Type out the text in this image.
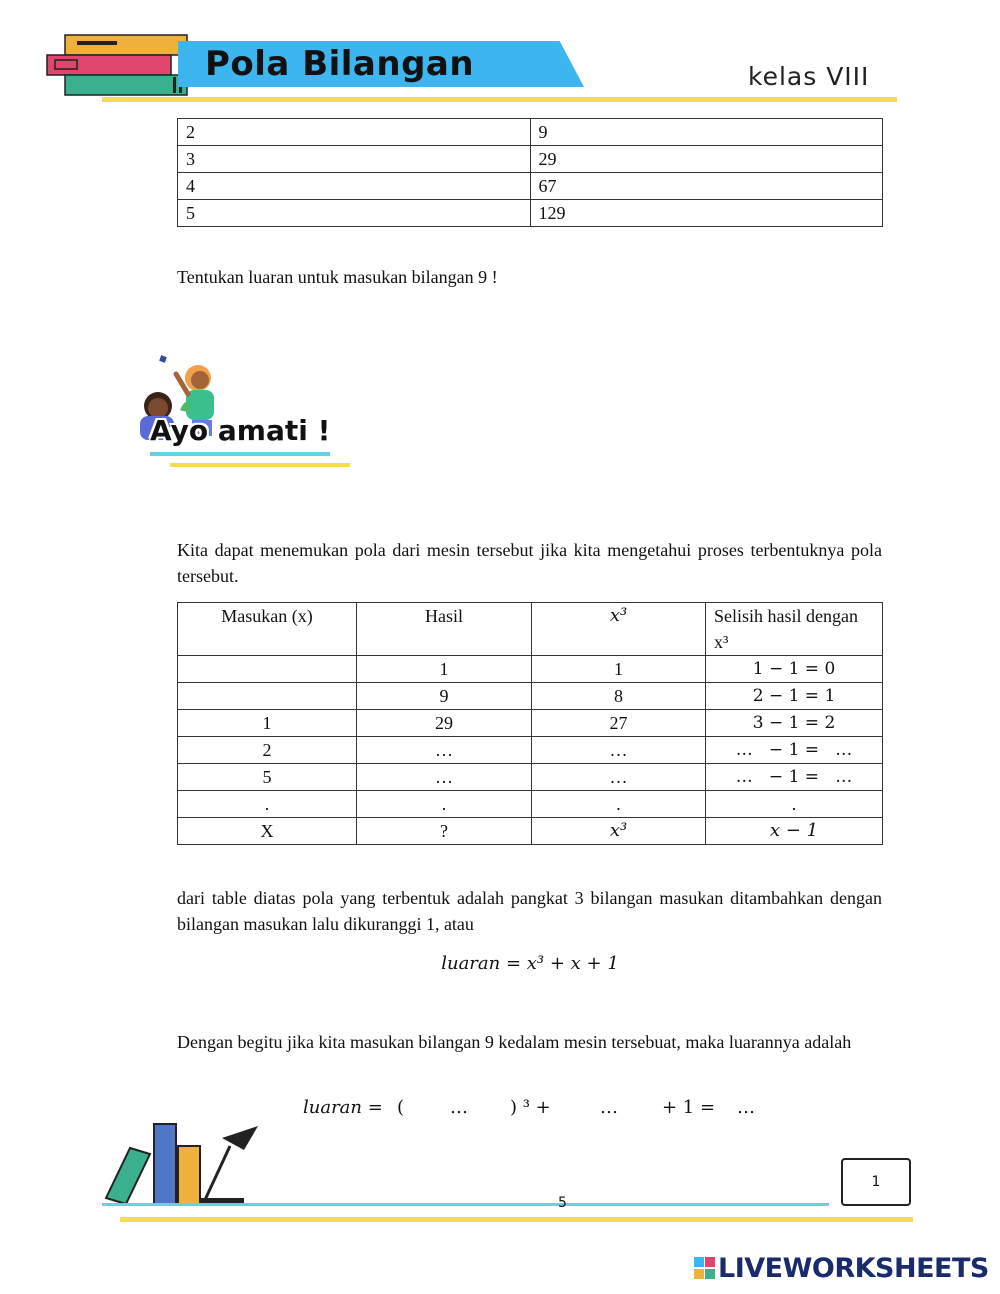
Pola Bilangan	kelas VIII
2	9
3	29
4	67
5	129
Tentukan luaran untuk masukan bilangan 9 !
Ayo amati !
Kita dapat menemukan pola dari mesin tersebut jika kita mengetahui proses terbentuknya pola tersebut.
Masukan (x)	Hasil	x³	Selisih hasil dengan x³
	1	1	1 − 1 = 0
	9	8	2 − 1 = 1
1	29	27	3 − 1 = 2
2	…	…	…   − 1 =   …
5	…	…	…   − 1 =   …
.	.	.	.
X	?	x³	x − 1
dari table diatas pola yang terbentuk adalah pangkat 3 bilangan masukan ditambahkan dengan bilangan masukan lalu dikuranggi 1, atau
luaran = x³ + x + 1
Dengan begitu jika kita masukan bilangan 9 kedalam mesin tersebuat, maka luarannya adalah
luaran = (	… ) ³ +	… + 1 = …
5
1
LIVEWORKSHEETS
